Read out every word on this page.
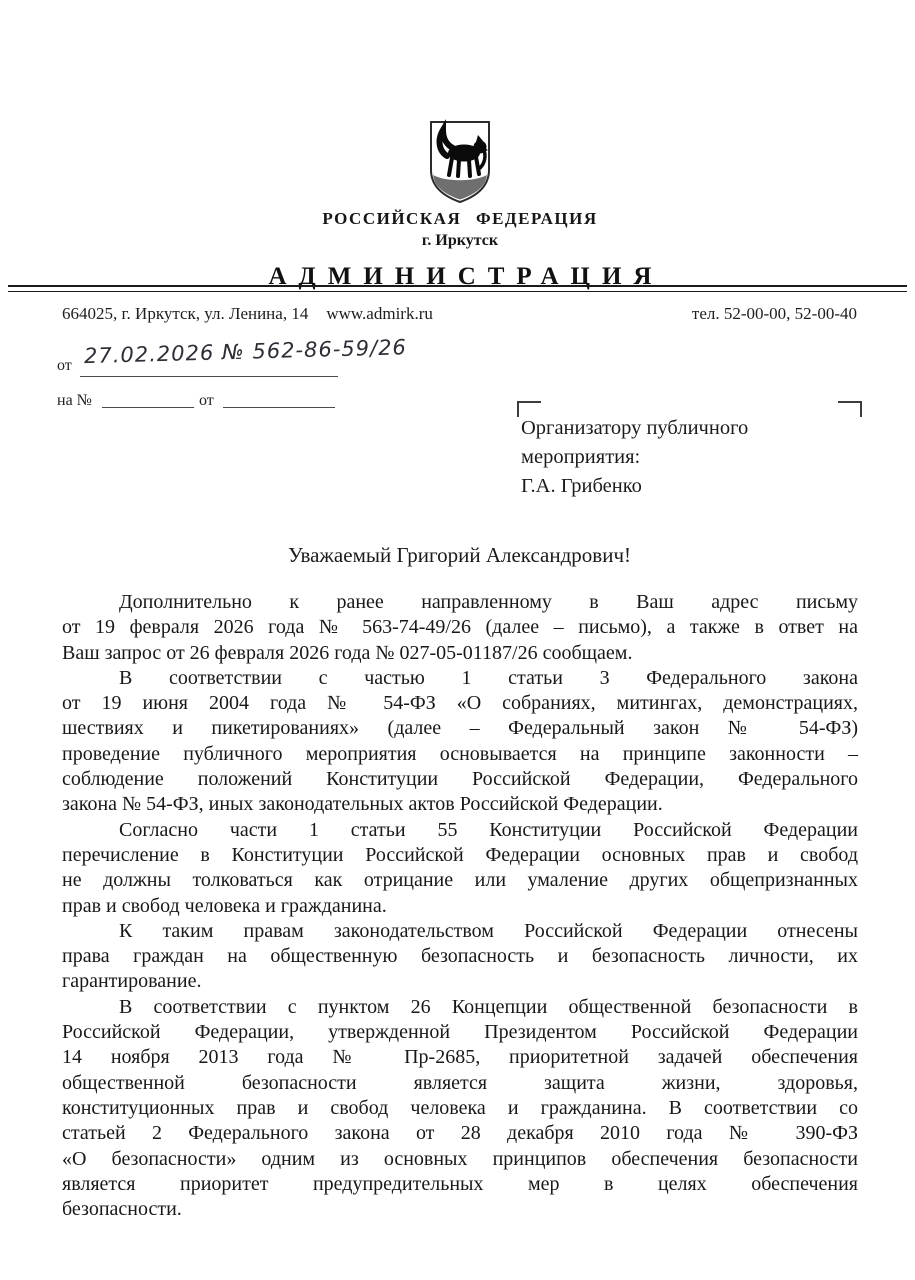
РОССИЙСКАЯ ФЕДЕРАЦИЯ
г. Иркутск
АДМИНИСТРАЦИЯ
664025, г. Иркутск, ул. Ленина, 14 www.admirk.ru	тел. 52-00-00, 52-00-40
от 27.02.2026 № 562-86-59/26
на №	от
Организатору публичного
мероприятия:
Г.А. Грибенко
Уважаемый Григорий Александрович!
Дополнительно к ранее направленному в Ваш адрес письму
от 19 февраля 2026 года № 563-74-49/26 (далее – письмо), а также в ответ на
Ваш запрос от 26 февраля 2026 года № 027-05-01187/26 сообщаем.
В соответствии с частью 1 статьи 3 Федерального закона
от 19 июня 2004 года № 54-ФЗ «О собраниях, митингах, демонстрациях,
шествиях и пикетированиях» (далее – Федеральный закон № 54-ФЗ)
проведение публичного мероприятия основывается на принципе законности –
соблюдение положений Конституции Российской Федерации, Федерального
закона № 54-ФЗ, иных законодательных актов Российской Федерации.
Согласно части 1 статьи 55 Конституции Российской Федерации
перечисление в Конституции Российской Федерации основных прав и свобод
не должны толковаться как отрицание или умаление других общепризнанных
прав и свобод человека и гражданина.
К таким правам законодательством Российской Федерации отнесены
права граждан на общественную безопасность и безопасность личности, их
гарантирование.
В соответствии с пунктом 26 Концепции общественной безопасности в
Российской Федерации, утвержденной Президентом Российской Федерации
14 ноября 2013 года № Пр-2685, приоритетной задачей обеспечения
общественной безопасности является защита жизни, здоровья,
конституционных прав и свобод человека и гражданина. В соответствии со
статьей 2 Федерального закона от 28 декабря 2010 года № 390-ФЗ
«О безопасности» одним из основных принципов обеспечения безопасности
является приоритет предупредительных мер в целях обеспечения
безопасности.
